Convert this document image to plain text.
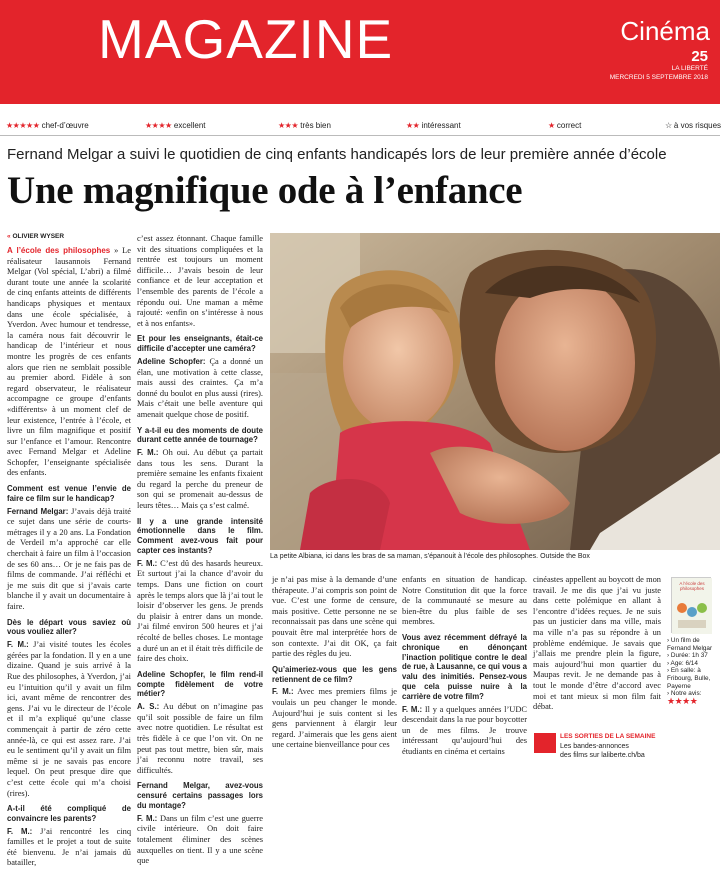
MAGAZINE	Cinéma
25
LA LIBERTÉ
MERCREDI 5 SEPTEMBRE 2018
★★★★★ chef-d’œuvre	★★★★ excellent	★★★ très bien	★★ intéressant	★ correct	☆ à vos risques
Fernand Melgar a suivi le quotidien de cinq enfants handicapés lors de leur première année d’école
Une magnifique ode à l’enfance
« OLIVIER WYSER

A l’école des philosophes » Le réalisateur lausannois Fernand Melgar (Vol spécial, L’abri) a filmé durant toute une année la scolarité de cinq enfants atteints de différents handicaps physiques et mentaux dans une école spécialisée, à Yverdon. Avec humour et tendresse, la caméra nous fait découvrir le handicap de l’intérieur et nous montre les progrès de ces enfants alors que rien ne semblait possible au premier abord. Fidèle à son regard observateur, le réalisateur accompagne ce groupe d’enfants «différents» à un moment clef de leur existence, l’entrée à l’école, et livre un film magnifique et positif sur l’enfance et l’amour. Rencontre avec Fernand Melgar et Adeline Schopfer, l’enseignante spécialisée des enfants.

Comment est venue l’envie de faire ce film sur le handicap?

Fernand Melgar: J’avais déjà traité ce sujet dans une série de courts-métrages il y a 20 ans. La Fondation de Verdeil m’a approché car elle cherchait à faire un film à l’occasion de ses 60 ans… Or je ne fais pas de films de commande. J’ai réfléchi et je me suis dit que si j’avais carte blanche il y avait un documentaire à faire.

Dès le départ vous saviez où vous vouliez aller?

F. M.: J’ai visité toutes les écoles gérées par la fondation. Il y en a une dizaine. Quand je suis arrivé à la Rue des philosophes, à Yverdon, j’ai eu l’intuition qu’il y avait un film ici, avant même de rencontrer des gens. J’ai vu le directeur de l’école et il m’a expliqué qu’une classe commençait à partir de zéro cette année-là, ce qui est assez rare. J’ai eu le sentiment qu’il y avait un film même si je ne savais pas encore lequel. On peut presque dire que c’est cette école qui m’a choisi (rires).

A-t-il été compliqué de convaincre les parents?

F. M.: J’ai rencontré les cinq familles et le projet a tout de suite été bienvenu. Je n’ai jamais dû batailler,

c’est assez étonnant. Chaque famille vit des situations compliquées et la rentrée est toujours un moment difficile… J’avais besoin de leur confiance et de leur acceptation et l’ensemble des parents de l’école a répondu oui. Une maman a même rajouté: «enfin on s’intéresse à nous et à nos enfants».

Et pour les enseignants, était-ce difficile d’accepter une caméra?

Adeline Schopfer: Ça a donné un élan, une motivation à cette classe, mais aussi des craintes. Ça m’a donné du boulot en plus aussi (rires). Mais c’était une belle aventure qui amenait quelque chose de positif.

Y a-t-il eu des moments de doute durant cette année de tournage?

F. M.: Oh oui. Au début ça partait dans tous les sens. Durant la première semaine les enfants fixaient du regard la perche du preneur de son qui se promenait au-dessus de leurs têtes… Mais ça s’est calmé.

Il y a une grande intensité émotionnelle dans le film. Comment avez-vous fait pour capter ces instants?

F. M.: C’est dû des hasards heureux. Et surtout j’ai la chance d’avoir du temps. Dans une fiction on court après le temps alors que là j’ai tout le loisir d’observer les gens. Je prends du plaisir à entrer dans un monde. J’ai filmé environ 500 heures et j’ai récolté de belles choses. Le montage a duré un an et il était très difficile de faire des choix.

Adeline Schopfer, le film rend-il compte fidèlement de votre métier?

A. S.: Au début on n’imagine pas qu’il soit possible de faire un film avec notre quotidien. Le résultat est très fidèle à ce que l’on vit. On ne peut pas tout mettre, bien sûr, mais j’ai reconnu notre travail, ses difficultés.

Fernand Melgar, avez-vous censuré certains passages lors du montage?

F. M.: Dans un film c’est une guerre civile intérieure. On doit faire totalement éliminer des scènes auxquelles on tient. Il y a une scène que

La petite Albiana, ici dans les bras de sa maman, s’épanouit à l’école des philosophes. Outside the Box

je n’ai pas mise à la demande d’une thérapeute. J’ai compris son point de vue. C’est une forme de censure, mais positive. Cette personne ne se reconnaissait pas dans une scène qui pouvait être mal interprétée hors de son contexte. J’ai dit OK, ça fait partie des règles du jeu.

Qu’aimeriez-vous que les gens retiennent de ce film?

F. M.: Avec mes premiers films je voulais un peu changer le monde. Aujourd’hui je suis content si les gens parviennent à élargir leur regard. J’aimerais que les gens aient une certaine bienveillance pour ces

enfants en situation de handicap. Notre Constitution dit que la force de la communauté se mesure au bien-être du plus faible de ses membres.

Vous avez récemment défrayé la chronique en dénonçant l’inaction politique contre le deal de rue, à Lausanne, ce qui vous a valu des inimitiés. Pensez-vous que cela puisse nuire à la carrière de votre film?

F. M.: Il y a quelques années l’UDC descendait dans la rue pour boycotter un de mes films. Je trouve intéressant qu’aujourd’hui des étudiants en cinéma et certains

cinéastes appellent au boycott de mon travail. Je me dis que j’ai vu juste dans cette polémique en allant à l’encontre d’idées reçues. Je ne suis pas un justicier dans ma ville, mais ma ville n’a pas su répondre à un problème endémique. Je savais que j’allais me prendre plein la figure, mais aujourd’hui mon quartier du Maupas revit. Je ne demande pas à tout le monde d’être d’accord avec moi et tant mieux si mon film fait débat.

A l’école des philosophes
› Un film de Fernand Melgar
› Durée: 1h 37
› Age: 6/14
› En salle: à Fribourg, Bulle, Payerne
› Notre avis:
★★★★
LES SORTIES DE LA SEMAINE
Les bandes-annonces
des films sur laliberte.ch/ba
